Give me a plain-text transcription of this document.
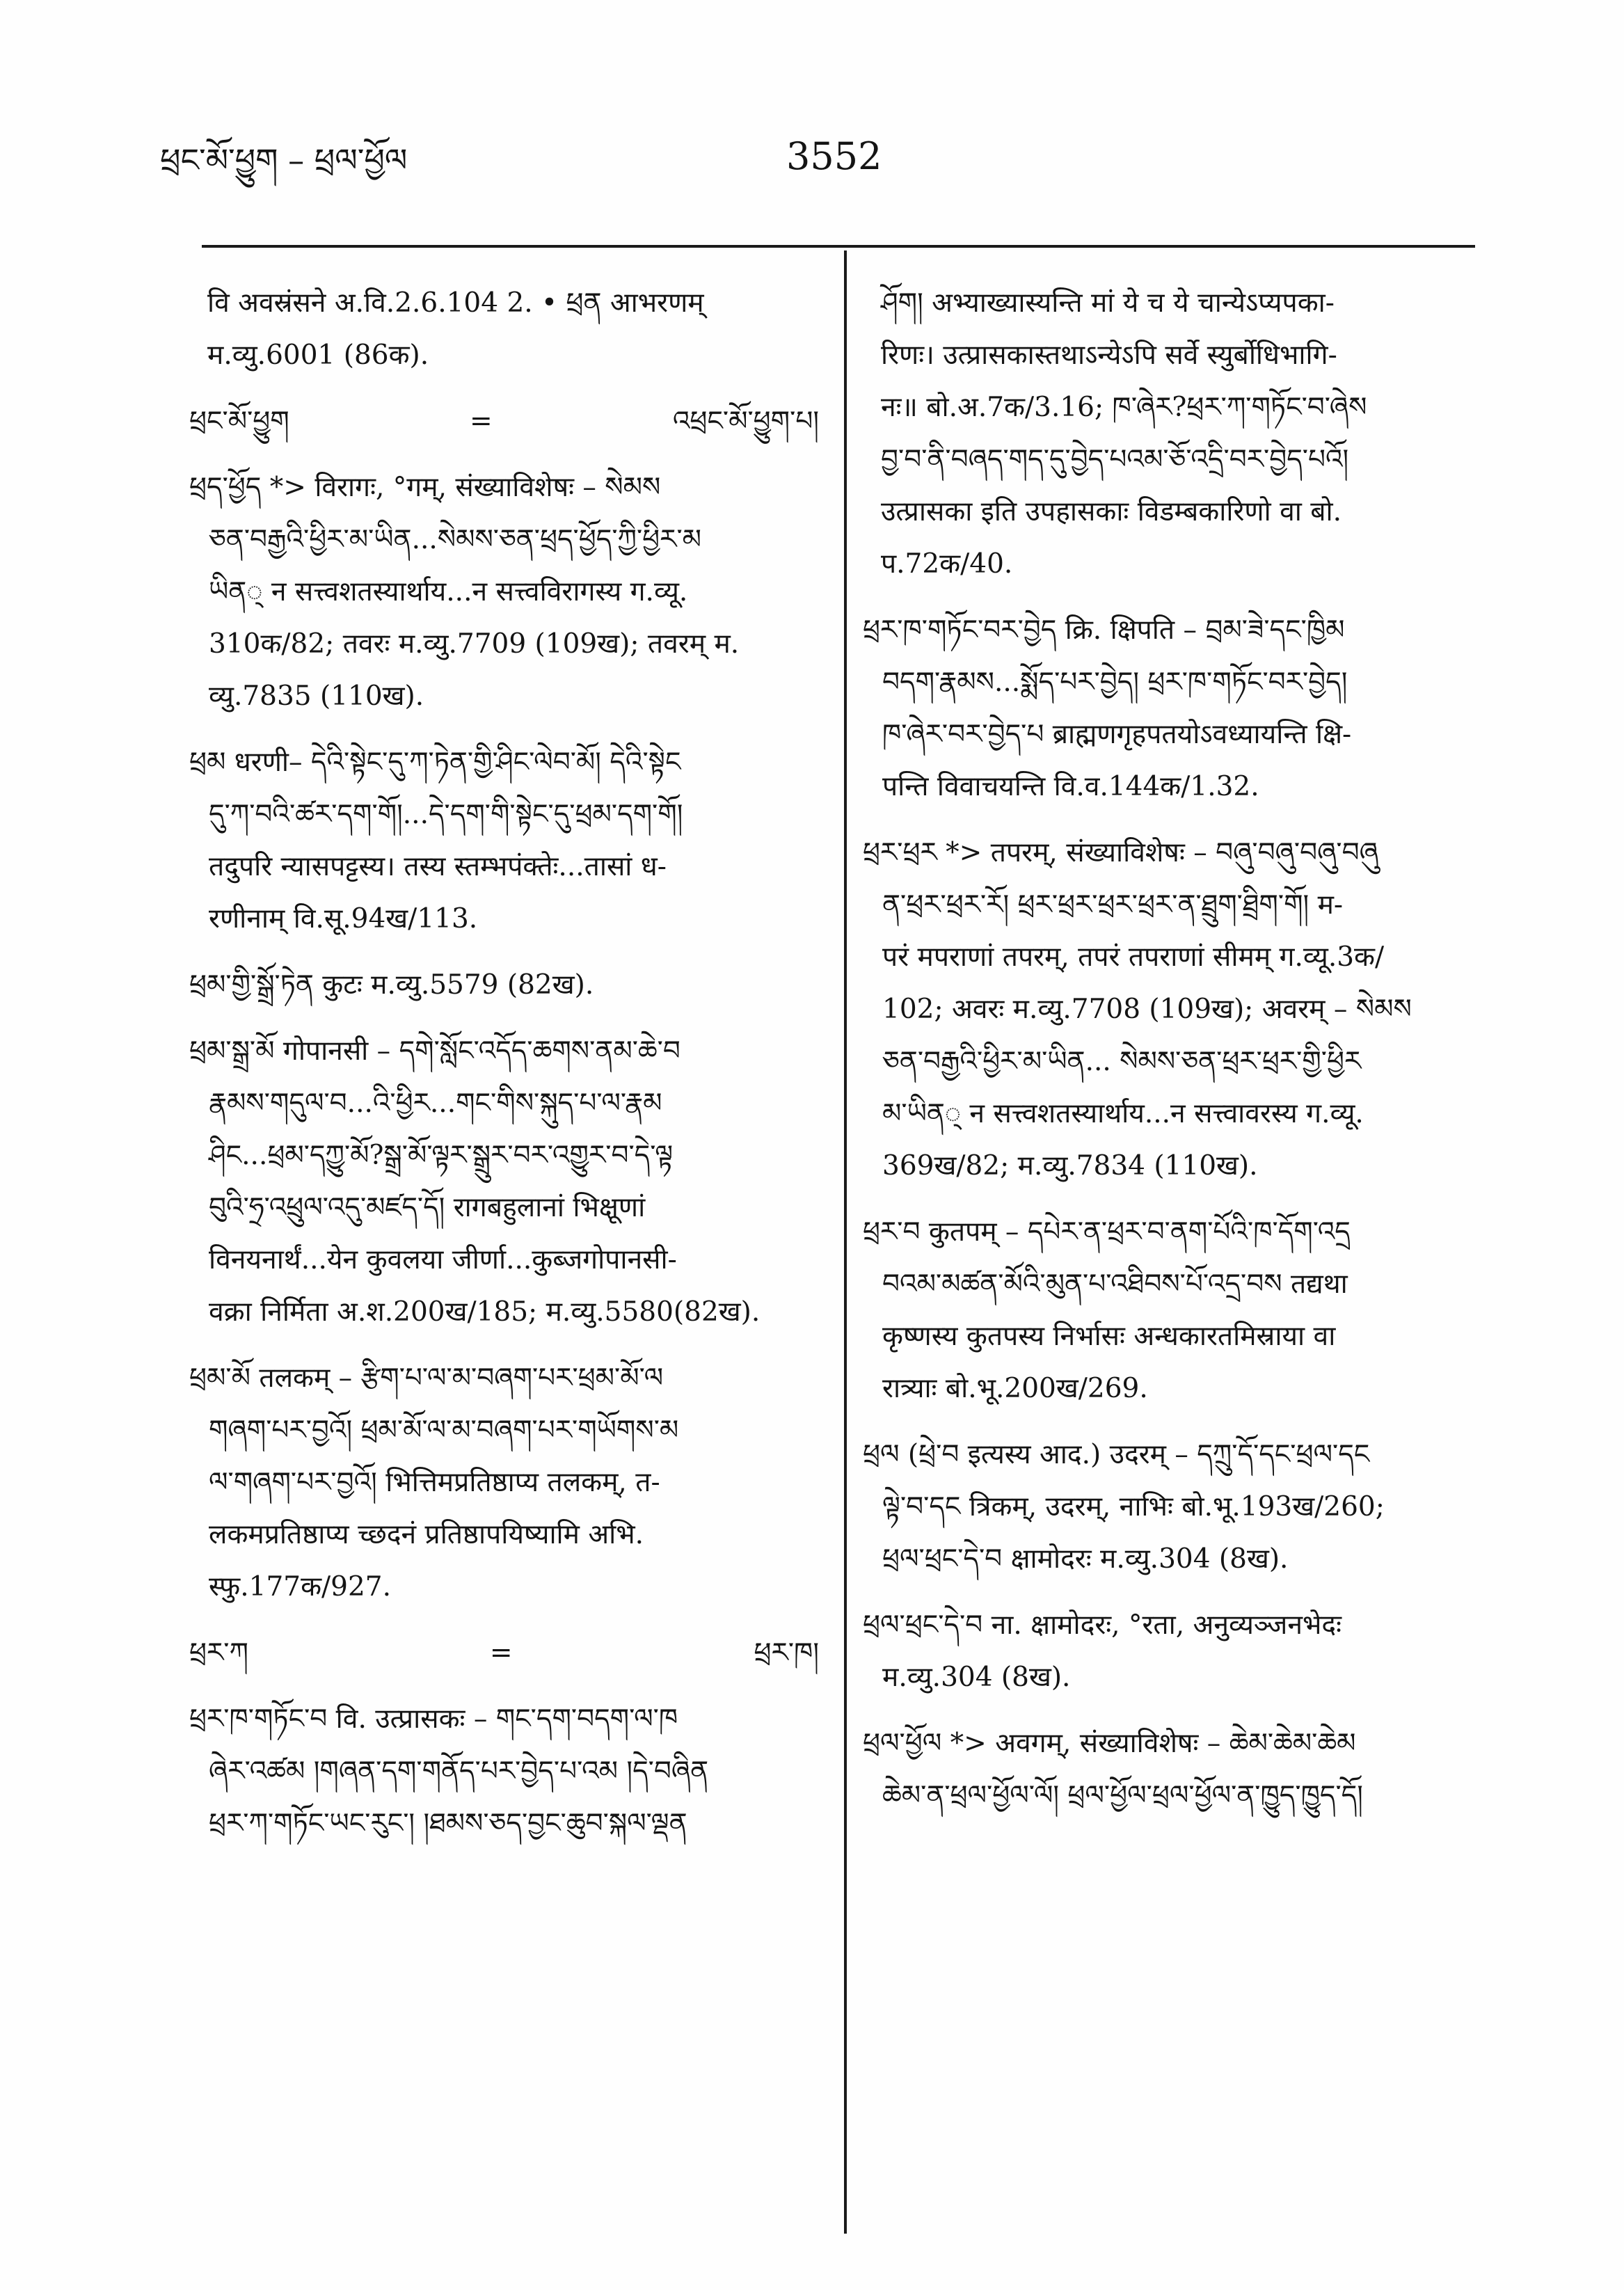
ཕྲང་མོ་ཕྱུག – ཕྲལ་ཕྱོལ	3552
वि अवस्रंसने अ.वि.2.6.104 2. • ཕྲན आभरणम्
म.व्यु.6001 (86क).
ཕྲང་མོ་ཕྱུག	=	འཕྲང་མོ་ཕྱུག་པ།
ཕྲད་ཕྱོད *> विरागः, °गम्, संख्याविशेषः – སེམས
ཅན་བརྒྱའི་ཕྱིར་མ་ཡིན...སེམས་ཅན་ཕྲད་ཕྱོད་ཀྱི་ཕྱིར་མ
ཡིན् न सत्त्वशतस्यार्थाय...न सत्त्वविरागस्य ग.व्यू.
310क/82; तवरः म.व्यु.7709 (109ख); तवरम् म.
व्यु.7835 (110ख).
ཕྲམ धरणी– དེའི་སྟེང་དུ་ཀ་ཏེན་གྱི་ཤིང་ལེབ་མོ། དེའི་སྟེང
དུ་ཀ་བའི་ཚར་དག་གོ།...དེ་དག་གི་སྟེང་དུ་ཕྲམ་དག་གོ།
तदुपरि न्यासपट्टस्य। तस्य स्तम्भपंक्तेः...तासां ध-
रणीनाम् वि.सू.94ख/113.
ཕྲམ་གྱི་སྒྲོ་ཏེན कुटः म.व्यु.5579 (82ख).
ཕྲམ་སྒྲ་མོ गोपानसी – དགེ་སློང་འདོད་ཆགས་ནམ་ཆེ་བ
རྣམས་གདུལ་བ...འི་ཕྱིར...གང་གིས་སྐུད་པ་ལ་རྣམ
ཤིང...ཕྲམ་དཀྱུ་མོ?སྒྲ་མོ་ལྟར་སྒྲུར་བར་འགྱུར་བ་དེ་ལྟ
བུའི་ཧྲ་འཕྲུལ་འདུ་མཛད་དོ། रागबहुलानां भिक्षूणां
विनयनार्थं...येन कुवलया जीर्णा...कुब्जगोपानसी-
वक्रा निर्मिता अ.श.200ख/185; म.व्यु.5580(82ख).
ཕྲམ་མོ तलकम् – རྩིག་པ་ལ་མ་བཞག་པར་ཕྲམ་མོ་ལ
གཞག་པར་བྱའོ། ཕྲམ་མོ་ལ་མ་བཞག་པར་གཡོགས་མ
ལ་གཞག་པར་བྱའོ། भित्तिमप्रतिष्ठाप्य तलकम्, त-
लकमप्रतिष्ठाप्य च्छदनं प्रतिष्ठापयिष्यामि अभि.
स्फु.177क/927.
ཕྲར་ཀ	=	ཕྲར་ཁ།
ཕྲར་ཁ་གཏོང་བ वि. उत्प्रासकः – གང་དག་བདག་ལ་ཁ
ཞེར་འཚམ །གཞན་དག་གནོད་པར་བྱེད་པ་འམ །དེ་བཞིན
ཕྲར་ཀ་གཏོང་ཡང་རུང་། །ཐམས་ཅད་བྱང་ཆུབ་སྐལ་ལྡན
ཤོག། अभ्याख्यास्यन्ति मां ये च ये चान्येऽप्यपका-
रिणः। उत्प्रासकास्तथाऽन्येऽपि सर्वे स्युर्बोधिभागि-
नः॥ बो.अ.7क/3.16; ཁ་ཞེར?ཕྲར་ཀ་གཏོང་བ་ཞེས
བྱ་བ་ནི་བཞད་གད་དུ་བྱེད་པའམ་ཅོ་འདྲི་བར་བྱེད་པའོ།
उत्प्रासका इति उपहासकाः विडम्बकारिणो वा बो.
प.72क/40.
ཕྲར་ཁ་གཏོང་བར་བྱེད क्रि. क्षिपति – བྲམ་ཟེ་དང་ཁྱིམ
བདག་རྣམས...སྨོད་པར་བྱེད། ཕྲར་ཁ་གཏོང་བར་བྱེད།
ཁ་ཞེར་བར་བྱེད་པ ब्राह्मणगृहपतयोऽवध्यायन्ति क्षि-
पन्ति विवाचयन्ति वि.व.144क/1.32.
ཕྲར་ཕྲར *> तपरम्, संख्याविशेषः – བཞུ་བཞུ་བཞུ་བཞུ
ན་ཕྲར་ཕྲར་རོ། ཕྲར་ཕྲར་ཕྲར་ཕྲར་ན་ཐྲུག་ཐྲིག་གོ། म-
परं मपराणां तपरम्, तपरं तपराणां सीमम् ग.व्यू.3क/
102; अवरः म.व्यु.7708 (109ख); अवरम् – སེམས
ཅན་བརྒྱའི་ཕྱིར་མ་ཡིན... སེམས་ཅན་ཕྲར་ཕྲར་གྱི་ཕྱིར
མ་ཡིན् न सत्त्वशतस्यार्थाय...न सत्त्वावरस्य ग.व्यू.
369ख/82; म.व्यु.7834 (110ख).
ཕྲར་བ कुतपम् – དཔེར་ན་ཕྲར་བ་ནག་པོའི་ཁ་དོག་འདྲ
བའམ་མཚན་མོའི་མུན་པ་འཐིབས་པོ་འདྲ་བས तद्यथा
कृष्णस्य कुतपस्य निर्भासः अन्धकारतमिस्राया वा
रात्र्याः बो.भू.200ख/269.
ཕྲལ (ཕྲེ་བ इत्यस्य आद.) उदरम् – དཀྲུ་དོ་དང་ཕྲལ་དང
ལྟེ་བ་དང त्रिकम्, उदरम्, नाभिः बो.भू.193ख/260;
ཕྲལ་ཕྲང་དེ་བ क्षामोदरः म.व्यु.304 (8ख).
ཕྲལ་ཕྲང་དེ་བ ना. क्षामोदरः, °रता, अनुव्यञ्जनभेदः
म.व्यु.304 (8ख).
ཕྲལ་ཕྱོལ *> अवगम्, संख्याविशेषः – ཆེམ་ཆེམ་ཆེམ
ཆེམ་ན་ཕྲལ་ཕྱོལ་ལོ། ཕྲལ་ཕྱོལ་ཕྲལ་ཕྱོལ་ན་ཁྱུད་ཁྱུད་དོ།
